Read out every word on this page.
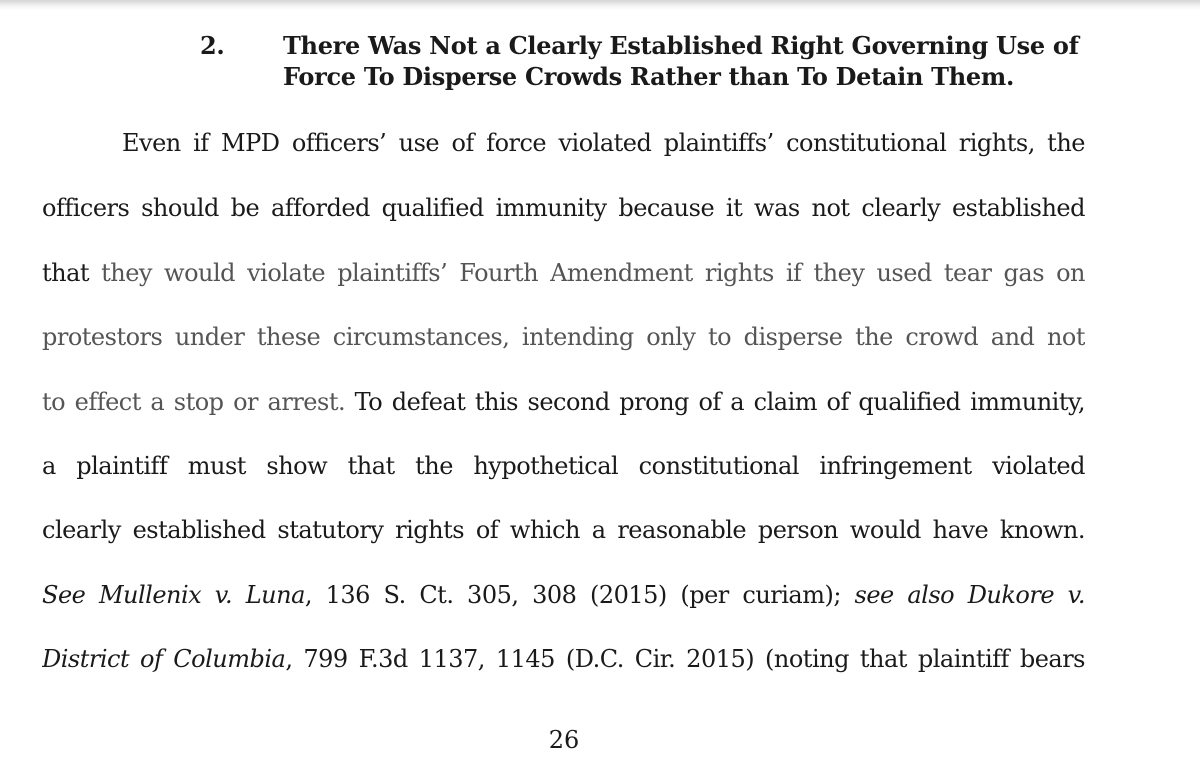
2. There Was Not a Clearly Established Right Governing Use of
Force To Disperse Crowds Rather than To Detain Them.

Even if MPD officers’ use of force violated plaintiffs’ constitutional rights, the
officers should be afforded qualified immunity because it was not clearly established
that they would violate plaintiffs’ Fourth Amendment rights if they used tear gas on
protestors under these circumstances, intending only to disperse the crowd and not
to effect a stop or arrest. To defeat this second prong of a claim of qualified immunity,
a plaintiff must show that the hypothetical constitutional infringement violated
clearly established statutory rights of which a reasonable person would have known.
See Mullenix v. Luna, 136 S. Ct. 305, 308 (2015) (per curiam); see also Dukore v.
District of Columbia, 799 F.3d 1137, 1145 (D.C. Cir. 2015) (noting that plaintiff bears
26
